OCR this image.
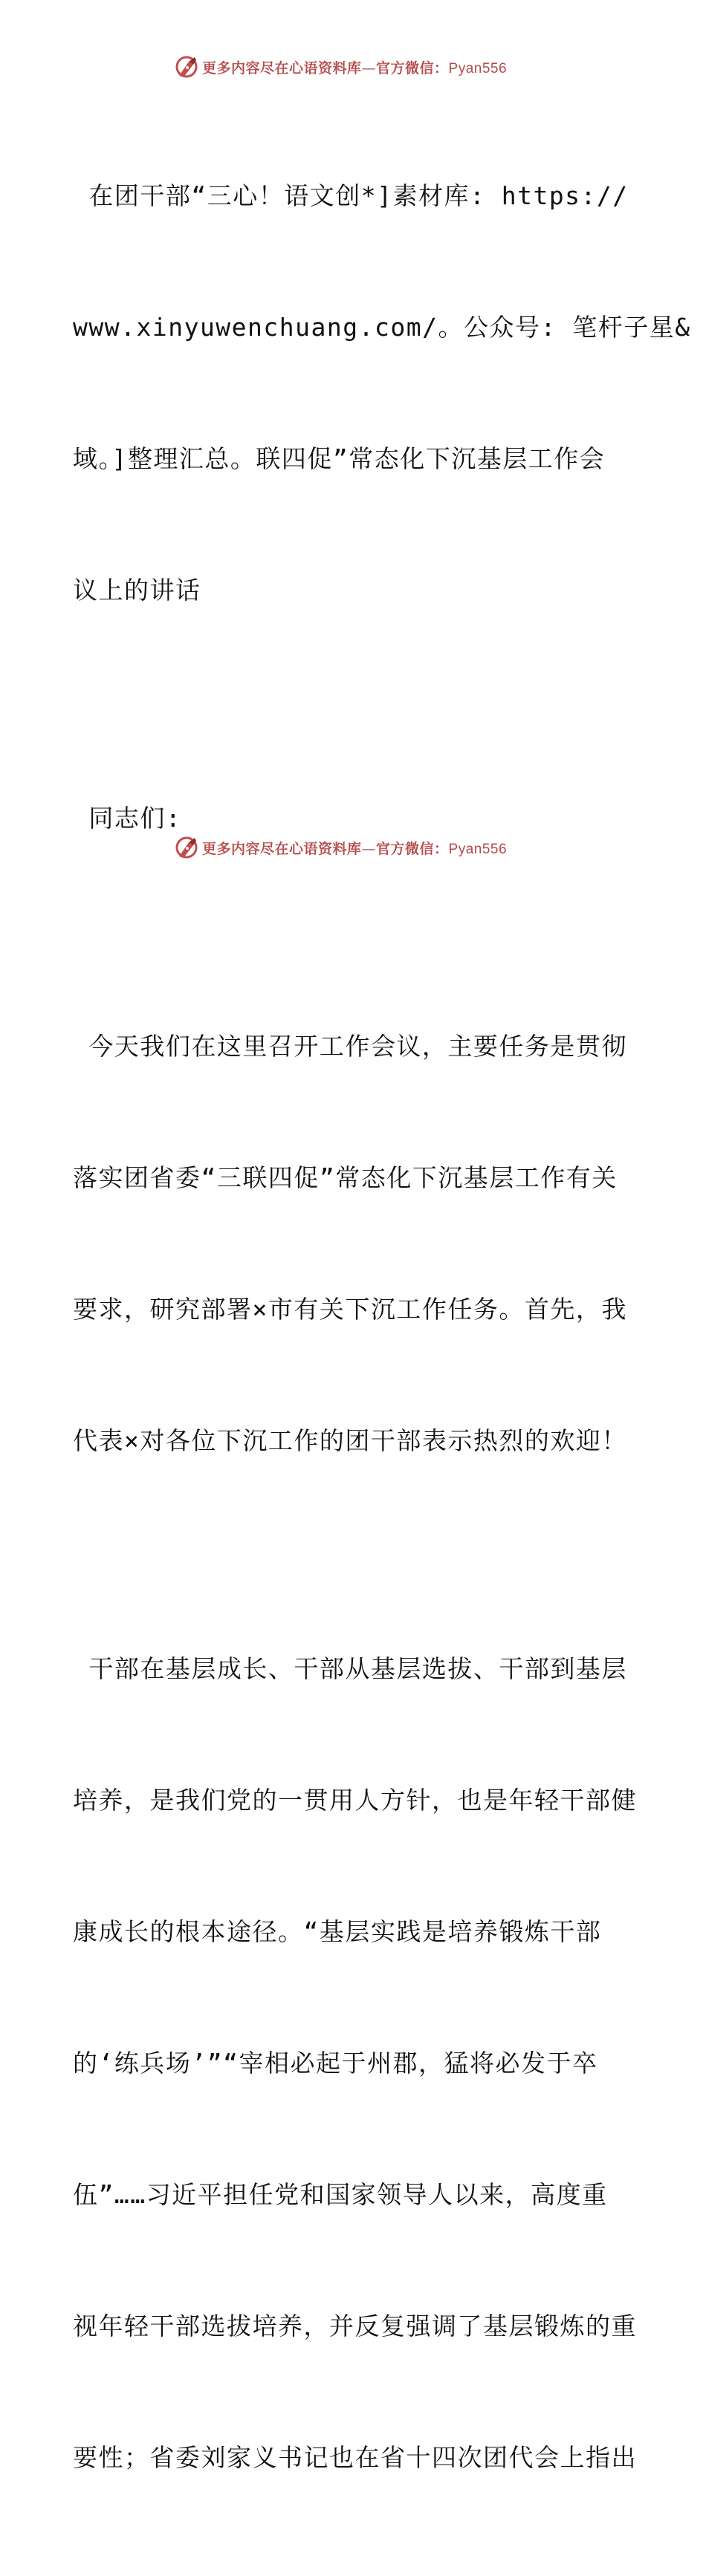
更多内容尽在心语资料库—官方微信：Pyan556

在团干部“三心！语文创*]素材库: https://

www.xinyuwenchuang.com/。公众号: 笔杆子星&

域。]整理汇总。联四促”常态化下沉基层工作会

议上的讲话

同志们:

今天我们在这里召开工作会议，主要任务是贯彻

落实团省委“三联四促”常态化下沉基层工作有关

要求，研究部署×市有关下沉工作任务。首先，我

代表×对各位下沉工作的团干部表示热烈的欢迎！

干部在基层成长、干部从基层选拔、干部到基层

培养，是我们党的一贯用人方针，也是年轻干部健

康成长的根本途径。“基层实践是培养锻炼干部

的‘练兵场’”“宰相必起于州郡，猛将必发于卒

伍”……习近平担任党和国家领导人以来，高度重

视年轻干部选拔培养，并反复强调了基层锻炼的重

要性；省委刘家义书记也在省十四次团代会上指出

更多内容尽在心语资料库—官方微信：Pyan556
